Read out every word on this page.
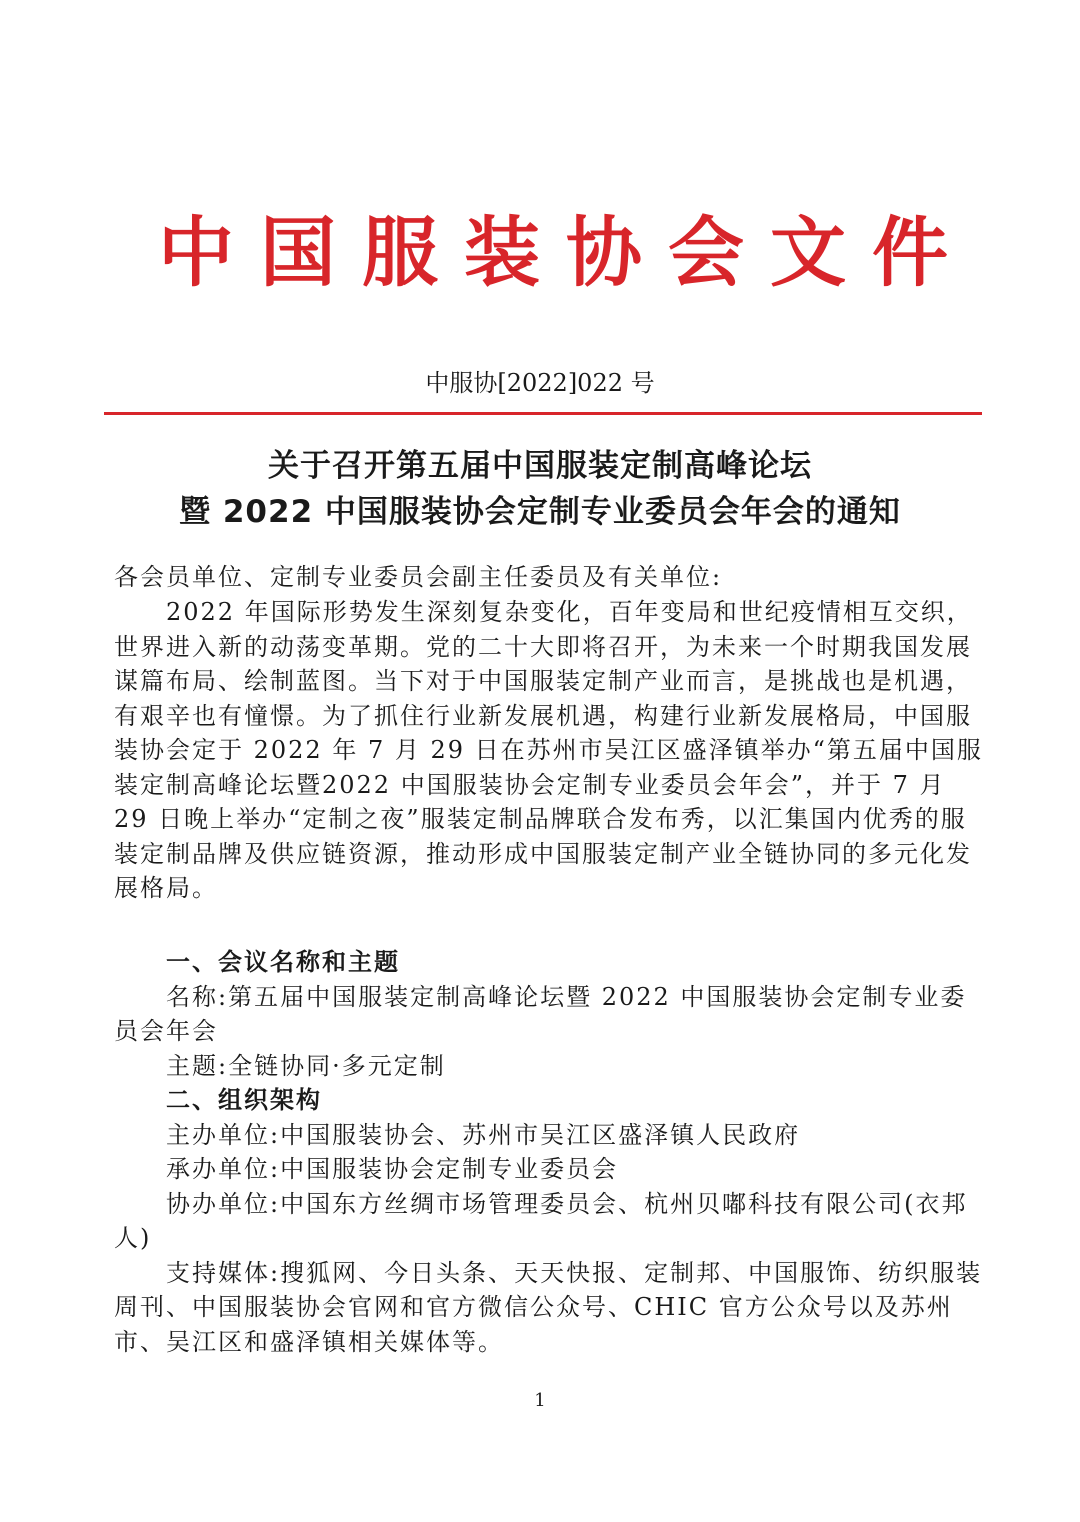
中国服装协会文件
中服协[2022]022 号
关于召开第五届中国服装定制高峰论坛
暨 2022 中国服装协会定制专业委员会年会的通知

各会员单位、定制专业委员会副主任委员及有关单位:

2022 年国际形势发生深刻复杂变化，百年变局和世纪疫情相互交织，世界进入新的动荡变革期。党的二十大即将召开，为未来一个时期我国发展谋篇布局、绘制蓝图。当下对于中国服装定制产业而言，是挑战也是机遇，有艰辛也有憧憬。为了抓住行业新发展机遇，构建行业新发展格局，中国服装协会定于 2022 年 7 月 29 日在苏州市吴江区盛泽镇举办“第五届中国服装定制高峰论坛暨2022 中国服装协会定制专业委员会年会”，并于 7 月 29 日晚上举办“定制之夜”服装定制品牌联合发布秀，以汇集国内优秀的服装定制品牌及供应链资源，推动形成中国服装定制产业全链协同的多元化发展格局。

一、会议名称和主题

名称:第五届中国服装定制高峰论坛暨 2022 中国服装协会定制专业委员会年会

主题:全链协同·多元定制

二、组织架构

主办单位:中国服装协会、苏州市吴江区盛泽镇人民政府

承办单位:中国服装协会定制专业委员会

协办单位:中国东方丝绸市场管理委员会、杭州贝嘟科技有限公司(衣邦人)

支持媒体:搜狐网、今日头条、天天快报、定制邦、中国服饰、纺织服装周刊、中国服装协会官网和官方微信公众号、CHIC 官方公众号以及苏州市、吴江区和盛泽镇相关媒体等。

1
